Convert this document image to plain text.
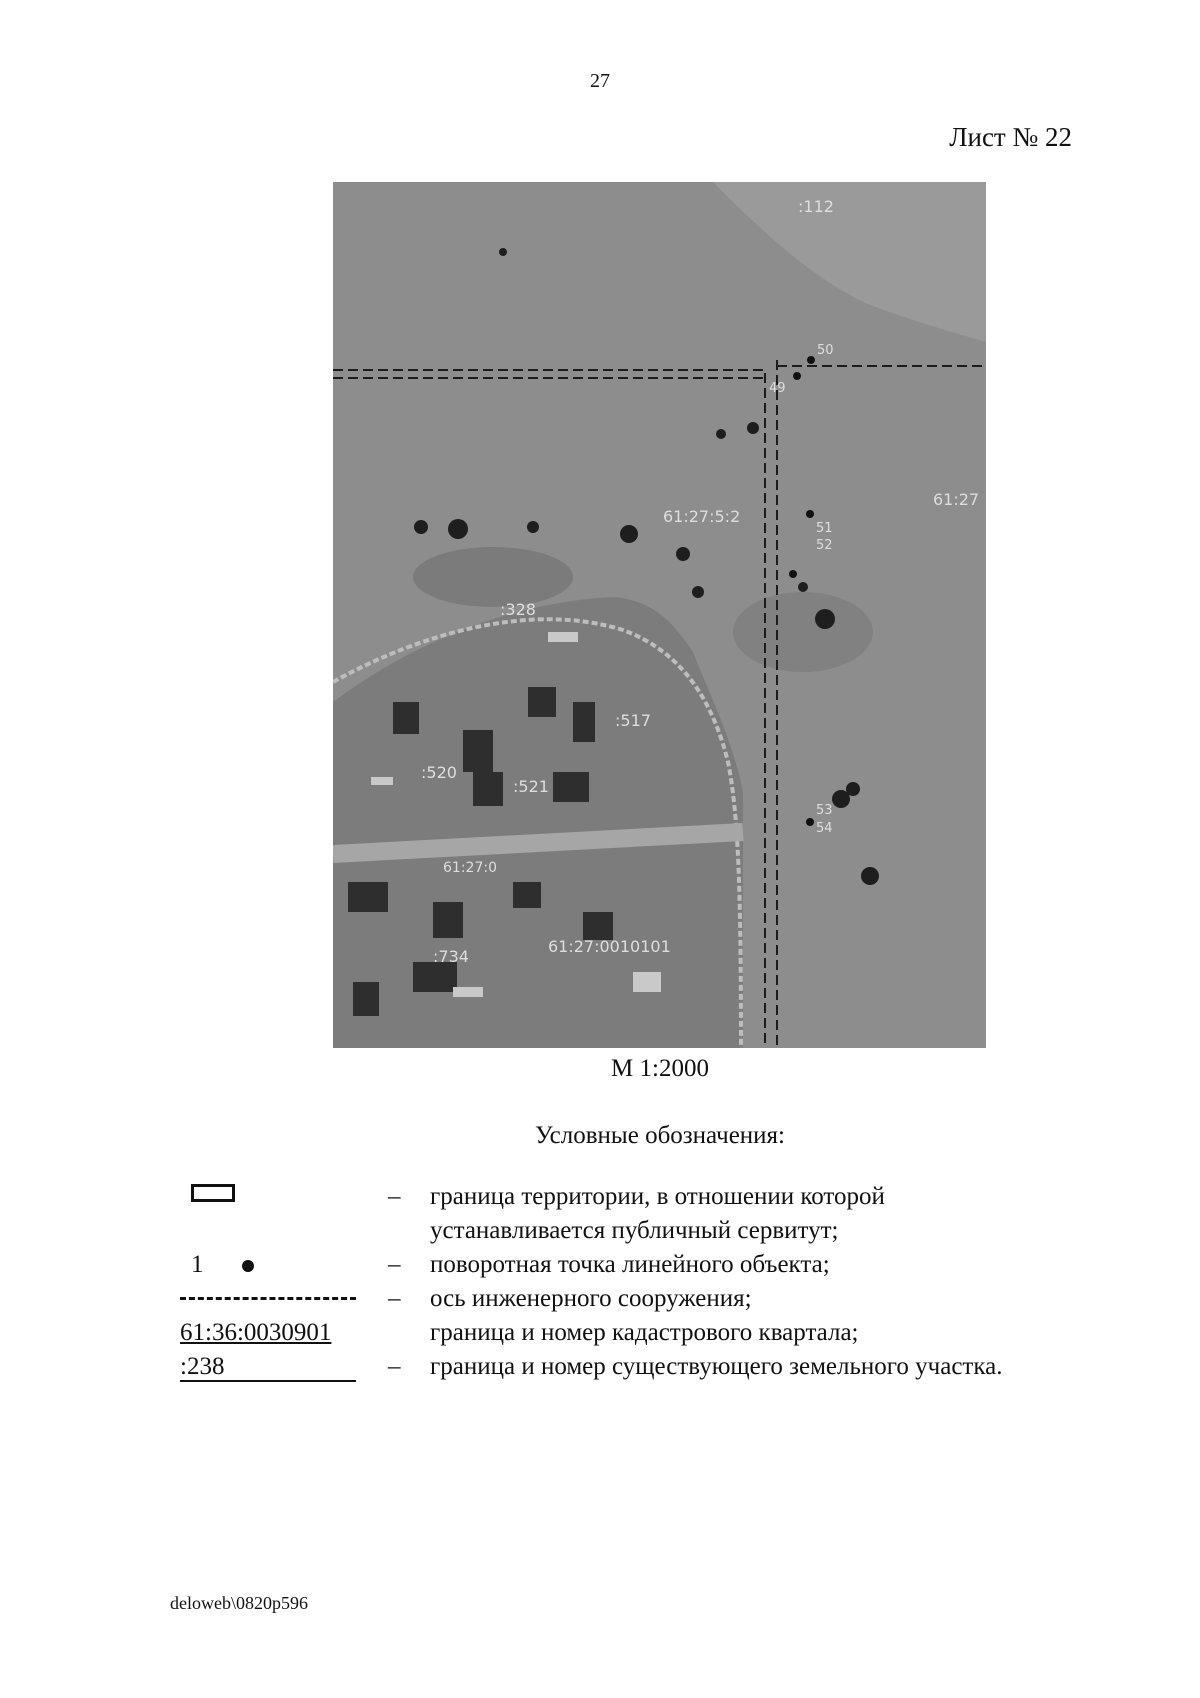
27
Лист № 22
:112
50
49
51
52
53
54
61:27
61:27:5:2
:328
:517
:520
:521
:734
61:27:0010101
61:27:0
М 1:2000
Условные обозначения:
–	граница территории, в отношении которой
устанавливается публичный сервитут;
1	–	поворотная точка линейного объекта;
–	ось инженерного сооружения;
61:36:0030901	граница и номер кадастрового квартала;
:238	–	граница и номер существующего земельного участка.
deloweb\0820p596
